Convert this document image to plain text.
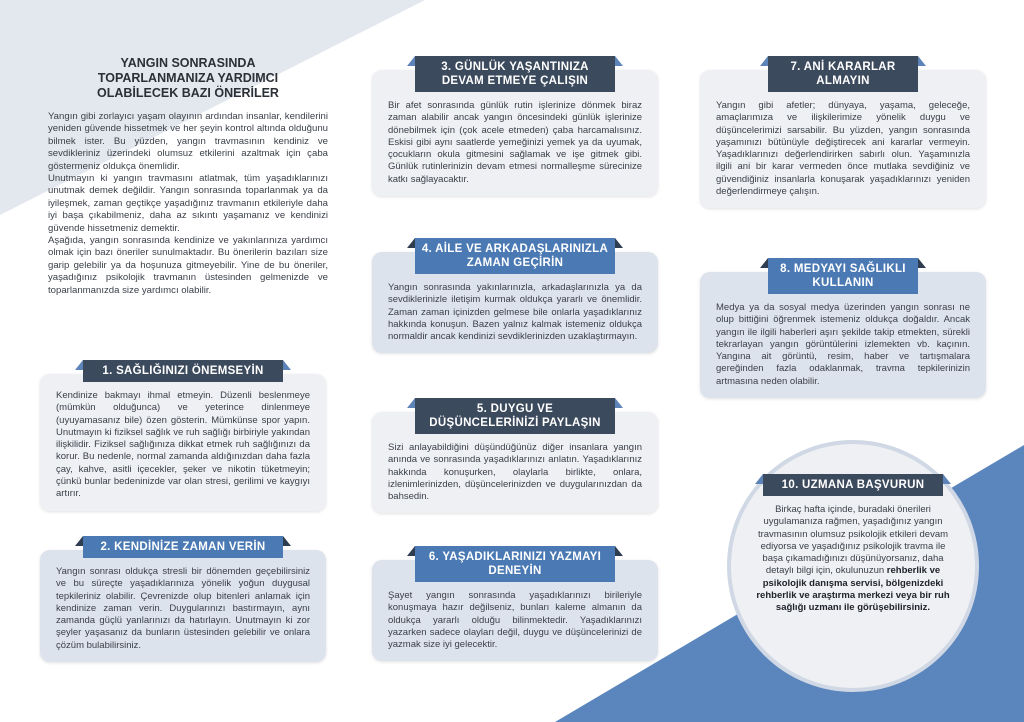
YANGIN SONRASINDA TOPARLANMANIZA YARDIMCI OLABİLECEK BAZI ÖNERİLER

Yangın gibi zorlayıcı yaşam olayının ardından insanlar, kendilerini yeniden güvende hissetmek ve her şeyin kontrol altında olduğunu bilmek ister. Bu yüzden, yangın travmasının kendiniz ve sevdikleriniz üzerindeki olumsuz etkilerini azaltmak için çaba göstermeniz oldukça önemlidir.

Unutmayın ki yangın travmasını atlatmak, tüm yaşadıklarınızı unutmak demek değildir. Yangın sonrasında toparlanmak ya da iyileşmek, zaman geçtikçe yaşadığınız travmanın etkileriyle daha iyi başa çıkabilmeniz, daha az sıkıntı yaşamanız ve kendinizi güvende hissetmeniz demektir.

Aşağıda, yangın sonrasında kendinize ve yakınlarınıza yardımcı olmak için bazı öneriler sunulmaktadır. Bu önerilerin bazıları size garip gelebilir ya da hoşunuza gitmeyebilir. Yine de bu öneriler, yaşadığınız psikolojik travmanın üstesinden gelmenizde ve toparlanmanızda size yardımcı olabilir.

1. SAĞLIĞINIZI ÖNEMSEYİN

Kendinize bakmayı ihmal etmeyin. Düzenli beslenmeye (mümkün olduğunca) ve yeterince dinlenmeye (uyuyamasanız bile) özen gösterin. Mümkünse spor yapın. Unutmayın ki fiziksel sağlık ve ruh sağlığı birbiriyle yakından ilişkilidir. Fiziksel sağlığınıza dikkat etmek ruh sağlığınızı da korur. Bu nedenle, normal zamanda aldığınızdan daha fazla çay, kahve, asitli içecekler, şeker ve nikotin tüketmeyin; çünkü bunlar bedeninizde var olan stresi, gerilimi ve kaygıyı artırır.

2. KENDİNİZE ZAMAN VERİN

Yangın sonrası oldukça stresli bir dönemden geçebilirsiniz ve bu süreçte yaşadıklarınıza yönelik yoğun duygusal tepkileriniz olabilir. Çevrenizde olup bitenleri anlamak için kendinize zaman verin. Duygularınızı bastırmayın, aynı zamanda güçlü yanlarınızı da hatırlayın. Unutmayın ki zor şeyler yaşasanız da bunların üstesinden gelebilir ve onlara çözüm bulabilirsiniz.

3. GÜNLÜK YAŞANTINIZA DEVAM ETMEYE ÇALIŞIN

Bir afet sonrasında günlük rutin işlerinize dönmek biraz zaman alabilir ancak yangın öncesindeki günlük işlerinize dönebilmek için (çok acele etmeden) çaba harcamalısınız. Eskisi gibi aynı saatlerde yemeğinizi yemek ya da uyumak, çocukların okula gitmesini sağlamak ve işe gitmek gibi. Günlük rutinlerinizin devam etmesi normalleşme sürecinize katkı sağlayacaktır.

4. AİLE VE ARKADAŞLARINIZLA ZAMAN GEÇİRİN

Yangın sonrasında yakınlarınızla, arkadaşlarınızla ya da sevdiklerinizle iletişim kurmak oldukça yararlı ve önemlidir. Zaman zaman içinizden gelmese bile onlarla yaşadıklarınız hakkında konuşun. Bazen yalnız kalmak istemeniz oldukça normaldir ancak kendinizi sevdiklerinizden uzaklaştırmayın.

5. DUYGU VE DÜŞÜNCELERİNİZİ PAYLAŞIN

Sizi anlayabildiğini düşündüğünüz diğer insanlara yangın anında ve sonrasında yaşadıklarınızı anlatın. Yaşadıklarınız hakkında konuşurken, olaylarla birlikte, onlara, izlenimlerinizden, düşüncelerinizden ve duygularınızdan da bahsedin.

6. YAŞADIKLARINIZI YAZMAYI DENEYİN

Şayet yangın sonrasında yaşadıklarınızı birileriyle konuşmaya hazır değilseniz, bunları kaleme almanın da oldukça yararlı olduğu bilinmektedir. Yaşadıklarınızı yazarken sadece olayları değil, duygu ve düşüncelerinizi de yazmak size iyi gelecektir.

7. ANİ KARARLAR ALMAYIN

Yangın gibi afetler; dünyaya, yaşama, geleceğe, amaçlarımıza ve ilişkilerimize yönelik duygu ve düşüncelerimizi sarsabilir. Bu yüzden, yangın sonrasında yaşamınızı bütünüyle değiştirecek ani kararlar vermeyin. Yaşadıklarınızı değerlendirirken sabırlı olun. Yaşamınızla ilgili ani bir karar vermeden önce mutlaka sevdiğiniz ve güvendiğiniz insanlarla konuşarak yaşadıklarınızı yeniden değerlendirmeye çalışın.

8. MEDYAYI SAĞLIKLI KULLANIN

Medya ya da sosyal medya üzerinden yangın sonrası ne olup bittiğini öğrenmek istemeniz oldukça doğaldır. Ancak yangın ile ilgili haberleri aşırı şekilde takip etmekten, sürekli tekrarlayan yangın görüntülerini izlemekten vb. kaçının. Yangına ait görüntü, resim, haber ve tartışmalara gereğinden fazla odaklanmak, travma tepkilerinizin artmasına neden olabilir.

10. UZMANA BAŞVURUN

Birkaç hafta içinde, buradaki önerileri uygulamanıza rağmen, yaşadığınız yangın travmasının olumsuz psikolojik etkileri devam ediyorsa ve yaşadığınız psikolojik travma ile başa çıkamadığınızı düşünüyorsanız, daha detaylı bilgi için, okulunuzun rehberlik ve psikolojik danışma servisi, bölgenizdeki rehberlik ve araştırma merkezi veya bir ruh sağlığı uzmanı ile görüşebilirsiniz.
